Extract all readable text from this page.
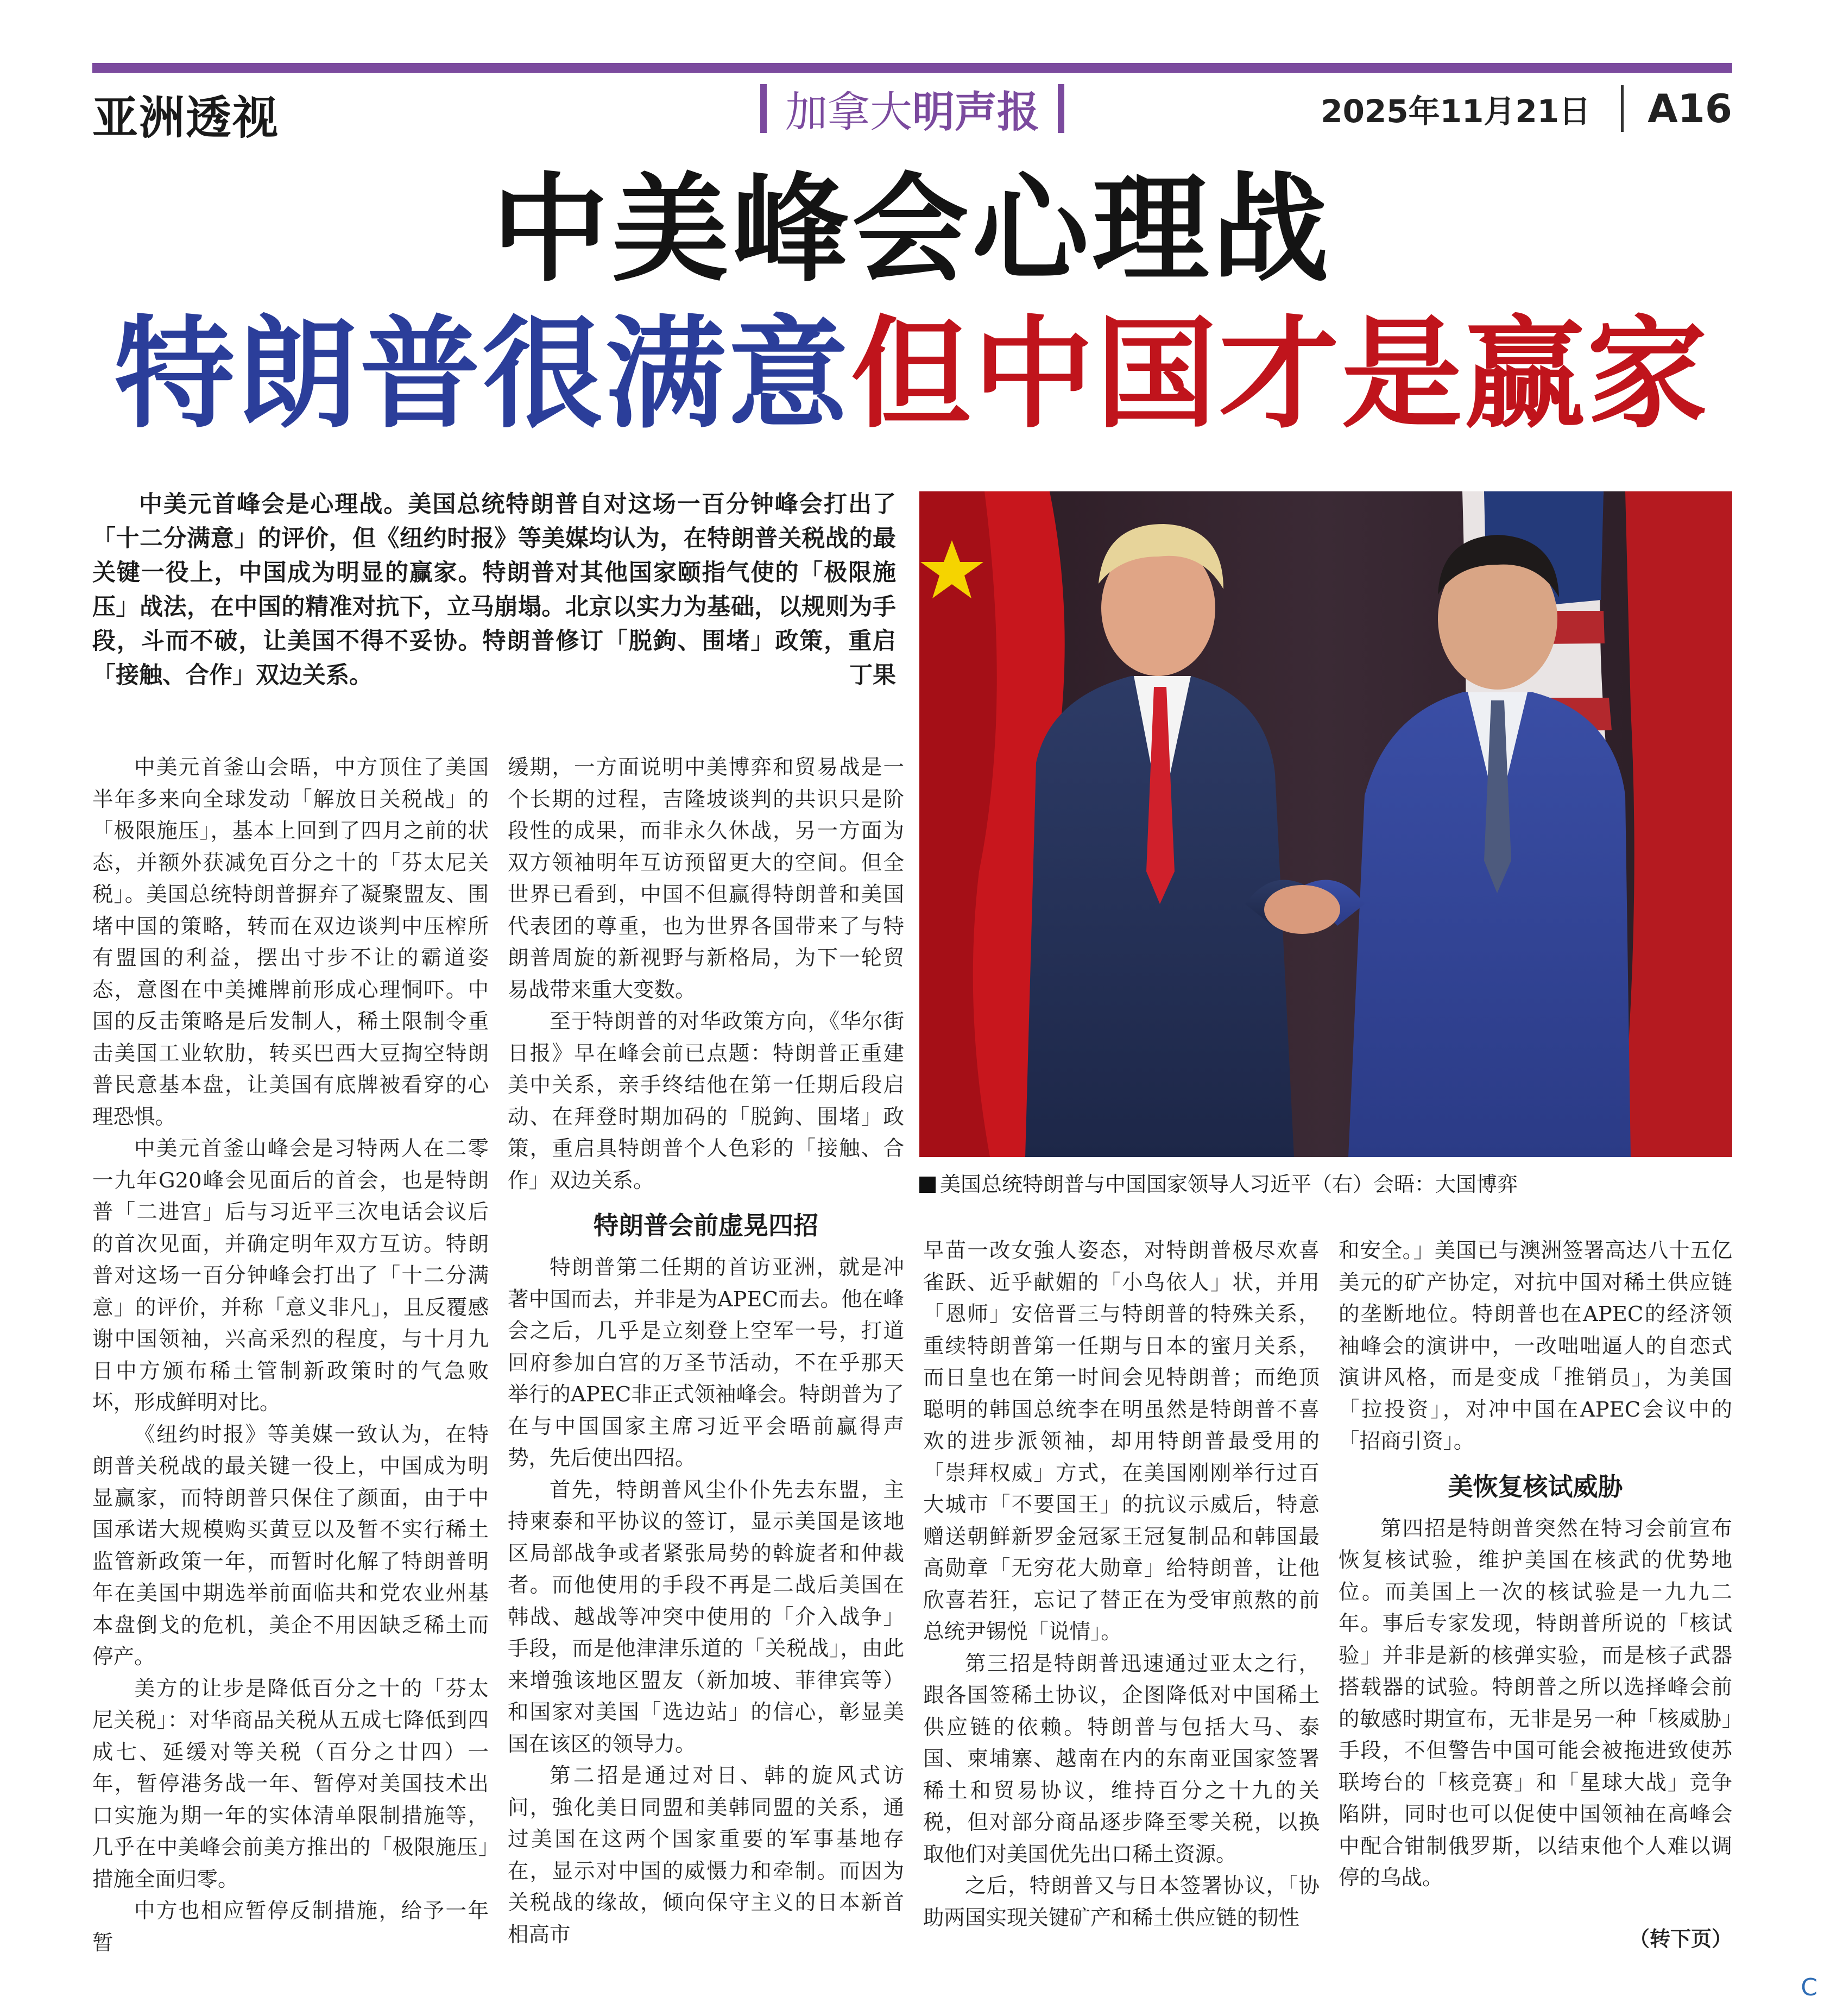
亚洲透视	加拿大 明声报	2025年11月21日 A16
中美峰会心理战
特朗普很满意但中国才是赢家

中美元首峰会是心理战。美国总统特朗普自对这场一百分钟峰会打出了「十二分满意」的评价，但《纽约时报》等美媒均认为，在特朗普关税战的最关键一役上，中国成为明显的赢家。特朗普对其他国家颐指气使的「极限施压」战法，在中国的精准对抗下，立马崩塌。北京以实力为基础，以规则为手段，斗而不破，让美国不得不妥协。特朗普修订「脱鉤、围堵」政策，重启「接触、合作」双边关系。	丁果

美国总统特朗普与中国国家领导人习近平（右）会晤：大国博弈

中美元首釜山会晤，中方顶住了美国半年多来向全球发动「解放日关税战」的「极限施压」，基本上回到了四月之前的状态，并额外获减免百分之十的「芬太尼关税」。美国总统特朗普摒弃了凝聚盟友、围堵中国的策略，转而在双边谈判中压榨所有盟国的利益，摆出寸步不让的霸道姿态，意图在中美摊牌前形成心理恫吓。中国的反击策略是后发制人，稀土限制令重击美国工业软肋，转买巴西大豆掏空特朗普民意基本盘，让美国有底牌被看穿的心理恐惧。

中美元首釜山峰会是习特两人在二零一九年G20峰会见面后的首会，也是特朗普「二进宫」后与习近平三次电话会议后的首次见面，并确定明年双方互访。特朗普对这场一百分钟峰会打出了「十二分满意」的评价，并称「意义非凡」，且反覆感谢中国领袖，兴高采烈的程度，与十月九日中方颁布稀土管制新政策时的气急败坏，形成鲜明对比。

《纽约时报》等美媒一致认为，在特朗普关税战的最关键一役上，中国成为明显赢家，而特朗普只保住了颜面，由于中国承诺大规模购买黄豆以及暂不实行稀土监管新政策一年，而暂时化解了特朗普明年在美国中期选举前面临共和党农业州基本盘倒戈的危机，美企不用因缺乏稀土而停产。

美方的让步是降低百分之十的「芬太尼关税」：对华商品关税从五成七降低到四成七、延缓对等关税（百分之廿四）一年，暂停港务战一年、暂停对美国技术出口实施为期一年的实体清单限制措施等，几乎在中美峰会前美方推出的「极限施压」措施全面归零。

中方也相应暂停反制措施，给予一年暂

缓期，一方面说明中美博弈和贸易战是一个长期的过程，吉隆坡谈判的共识只是阶段性的成果，而非永久休战，另一方面为双方领袖明年互访预留更大的空间。但全世界已看到，中国不但赢得特朗普和美国代表团的尊重，也为世界各国带来了与特朗普周旋的新视野与新格局，为下一轮贸易战带来重大变数。

至于特朗普的对华政策方向，《华尔街日报》早在峰会前已点题：特朗普正重建美中关系，亲手终结他在第一任期后段启动、在拜登时期加码的「脱鉤、围堵」政策，重启具特朗普个人色彩的「接触、合作」双边关系。

特朗普会前虚晃四招

特朗普第二任期的首访亚洲，就是冲著中国而去，并非是为APEC而去。他在峰会之后，几乎是立刻登上空军一号，打道回府参加白宫的万圣节活动，不在乎那天举行的APEC非正式领袖峰会。特朗普为了在与中国国家主席习近平会晤前赢得声势，先后使出四招。

首先，特朗普风尘仆仆先去东盟，主持柬泰和平协议的签订，显示美国是该地区局部战争或者紧张局势的斡旋者和仲裁者。而他使用的手段不再是二战后美国在韩战、越战等冲突中使用的「介入战争」手段，而是他津津乐道的「关税战」，由此来增強该地区盟友（新加坡、菲律宾等）和国家对美国「选边站」的信心，彰显美国在该区的领导力。

第二招是通过对日、韩的旋风式访问，強化美日同盟和美韩同盟的关系，通过美国在这两个国家重要的军事基地存在，显示对中国的威慑力和牵制。而因为关税战的缘故，倾向保守主义的日本新首相高市

早苗一改女強人姿态，对特朗普极尽欢喜雀跃、近乎献媚的「小鸟依人」状，并用「恩师」安倍晋三与特朗普的特殊关系，重续特朗普第一任期与日本的蜜月关系，而日皇也在第一时间会见特朗普；而绝顶聪明的韩国总统李在明虽然是特朗普不喜欢的进步派领袖，却用特朗普最受用的「崇拜权威」方式，在美国刚刚举行过百大城市「不要国王」的抗议示威后，特意赠送朝鲜新罗金冠冢王冠复制品和韩国最高勋章「无穷花大勋章」给特朗普，让他欣喜若狂，忘记了替正在为受审煎熬的前总统尹锡悦「说情」。

第三招是特朗普迅速通过亚太之行，跟各国签稀土协议，企图降低对中国稀土供应链的依赖。特朗普与包括大马、泰国、柬埔寨、越南在内的东南亚国家签署稀土和贸易协议，维持百分之十九的关税，但对部分商品逐步降至零关税，以换取他们对美国优先出口稀土资源。

之后，特朗普又与日本签署协议，「协助两国实现关键矿产和稀土供应链的韧性

和安全。」美国已与澳洲签署高达八十五亿美元的矿产协定，对抗中国对稀土供应链的垄断地位。特朗普也在APEC的经济领袖峰会的演讲中，一改咄咄逼人的自恋式演讲风格，而是变成「推销员」，为美国「拉投资」，对冲中国在APEC会议中的「招商引资」。

美恢复核试威胁

第四招是特朗普突然在特习会前宣布恢复核试验，维护美国在核武的优势地位。而美国上一次的核试验是一九九二年。事后专家发现，特朗普所说的「核试验」并非是新的核弹实验，而是核子武器搭载器的试验。特朗普之所以选择峰会前的敏感时期宣布，无非是另一种「核威胁」手段，不但警告中国可能会被拖进致使苏联垮台的「核竞赛」和「星球大战」竞争陷阱，同时也可以促使中国领袖在高峰会中配合钳制俄罗斯，以结束他个人难以调停的乌战。

（转下页）
C
